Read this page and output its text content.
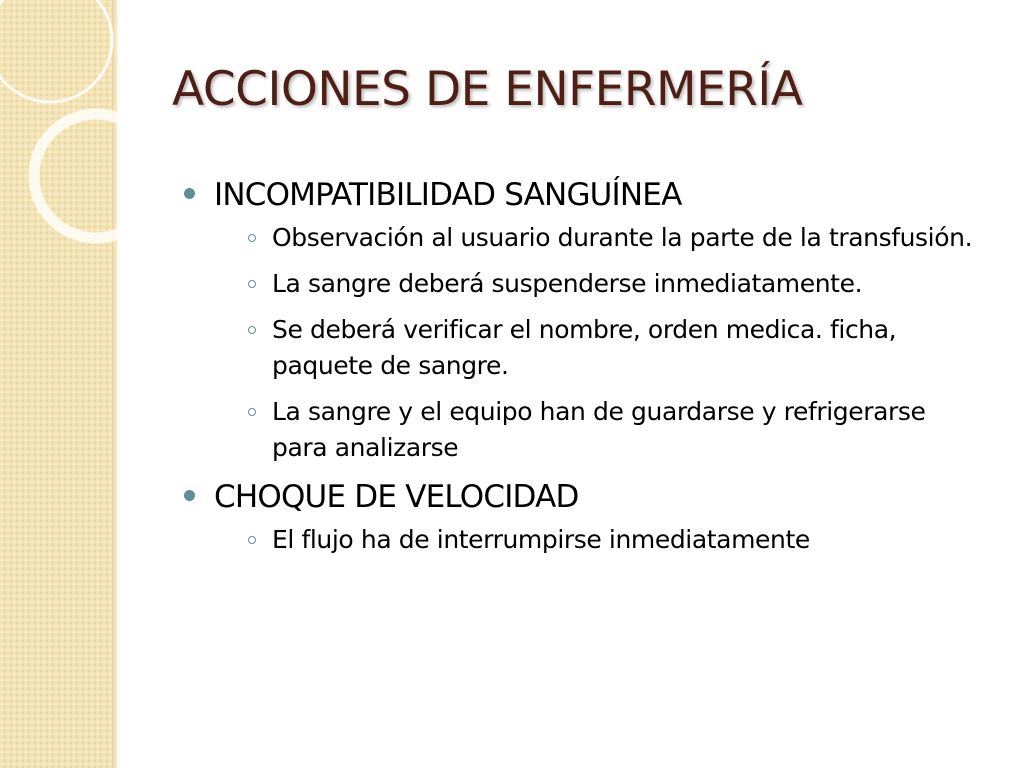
ACCIONES DE ENFERMERÍA
INCOMPATIBILIDAD SANGUÍNEA
Observación al usuario durante la parte de la transfusión.
La sangre deberá suspenderse inmediatamente.
Se deberá verificar el nombre, orden medica. ficha, paquete de sangre.
La sangre y el equipo han de guardarse y refrigerarse para analizarse
CHOQUE DE VELOCIDAD
El flujo ha de interrumpirse inmediatamente
